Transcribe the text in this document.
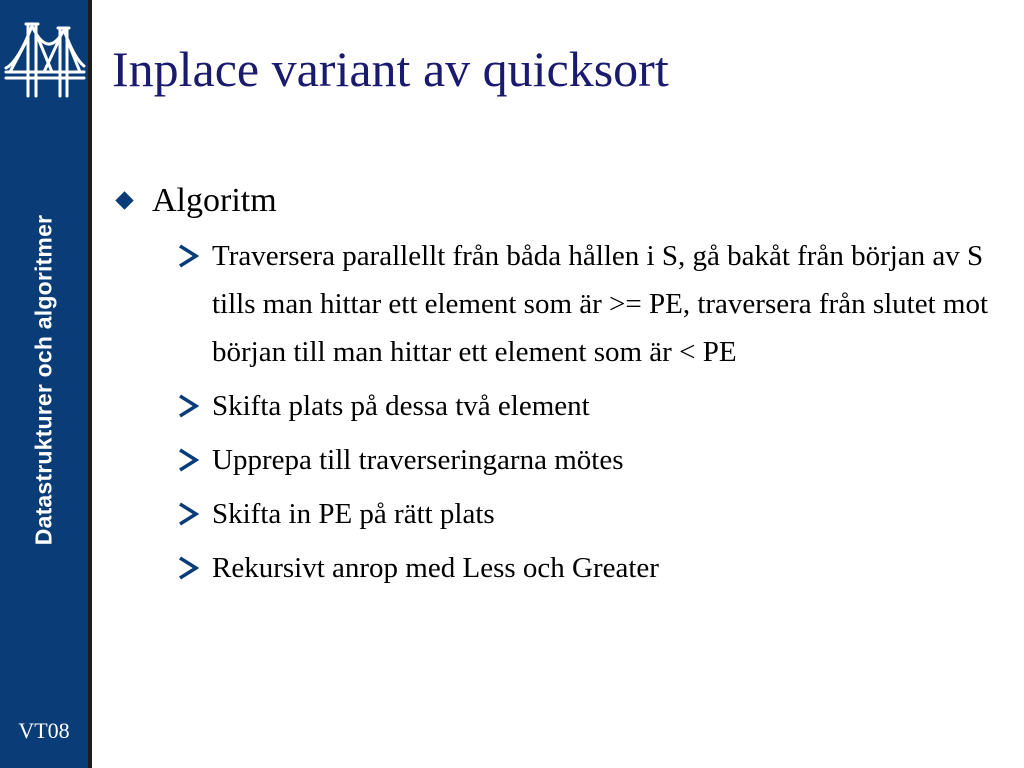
Datastrukturer och algoritmer
VT08
Inplace variant av quicksort
Algoritm
Traversera parallellt från båda hållen i S, gå bakåt från början av S tills man hittar ett element som är >= PE, traversera från slutet mot början till man hittar ett element som är < PE
Skifta plats på dessa två element
Upprepa till traverseringarna mötes
Skifta in PE på rätt plats
Rekursivt anrop med Less och Greater
